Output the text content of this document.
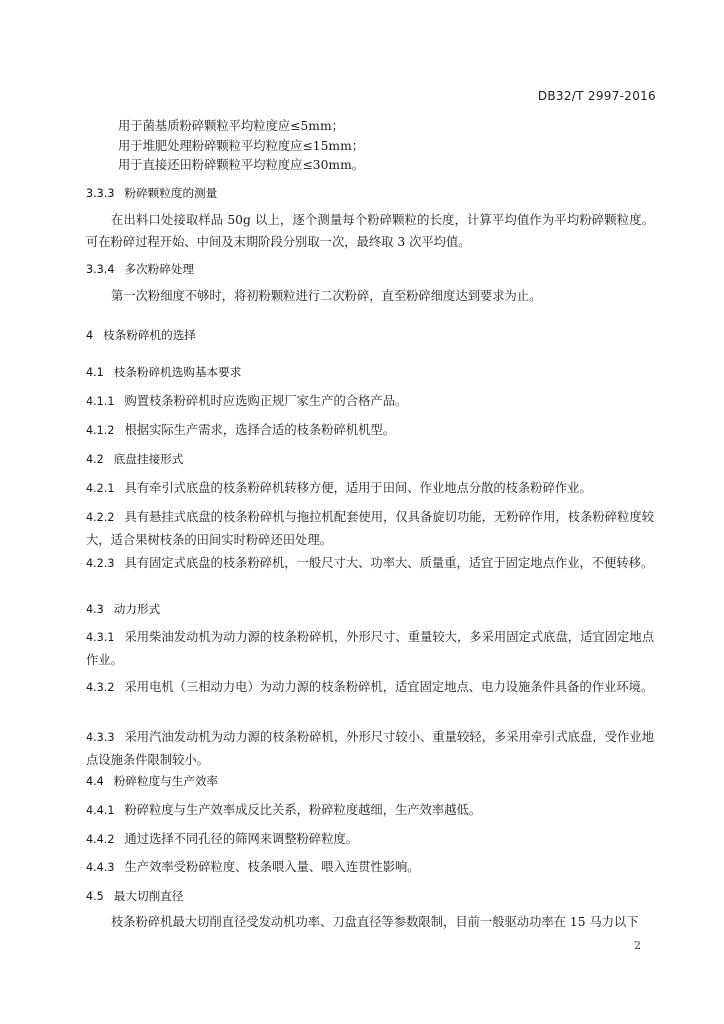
DB32/T 2997-2016
用于菌基质粉碎颗粒平均粒度应≤5mm；
用于堆肥处理粉碎颗粒平均粒度应≤15mm；
用于直接还田粉碎颗粒平均粒度应≤30mm。
3.3.3 粉碎颗粒度的测量
在出料口处接取样品 50g 以上，逐个测量每个粉碎颗粒的长度，计算平均值作为平均粉碎颗粒度。可在粉碎过程开始、中间及末期阶段分别取一次，最终取 3 次平均值。
3.3.4 多次粉碎处理
第一次粉细度不够时，将初粉颗粒进行二次粉碎，直至粉碎细度达到要求为止。
4 枝条粉碎机的选择
4.1 枝条粉碎机选购基本要求
4.1.1 购置枝条粉碎机时应选购正规厂家生产的合格产品。
4.1.2 根据实际生产需求，选择合适的枝条粉碎机机型。
4.2 底盘挂接形式
4.2.1 具有牵引式底盘的枝条粉碎机转移方便，适用于田间、作业地点分散的枝条粉碎作业。
4.2.2 具有悬挂式底盘的枝条粉碎机与拖拉机配套使用，仅具备旋切功能，无粉碎作用，枝条粉碎粒度较大，适合果树枝条的田间实时粉碎还田处理。
4.2.3 具有固定式底盘的枝条粉碎机，一般尺寸大、功率大、质量重，适宜于固定地点作业，不便转移。
4.3 动力形式
4.3.1 采用柴油发动机为动力源的枝条粉碎机，外形尺寸、重量较大，多采用固定式底盘，适宜固定地点作业。
4.3.2 采用电机（三相动力电）为动力源的枝条粉碎机，适宜固定地点、电力设施条件具备的作业环境。
4.3.3 采用汽油发动机为动力源的枝条粉碎机，外形尺寸较小、重量较轻，多采用牵引式底盘，受作业地点设施条件限制较小。
4.4 粉碎粒度与生产效率
4.4.1 粉碎粒度与生产效率成反比关系，粉碎粒度越细，生产效率越低。
4.4.2 通过选择不同孔径的筛网来调整粉碎粒度。
4.4.3 生产效率受粉碎粒度、枝条喂入量、喂入连贯性影响。
4.5 最大切削直径
枝条粉碎机最大切削直径受发动机功率、刀盘直径等参数限制，目前一般驱动功率在 15 马力以下
2
